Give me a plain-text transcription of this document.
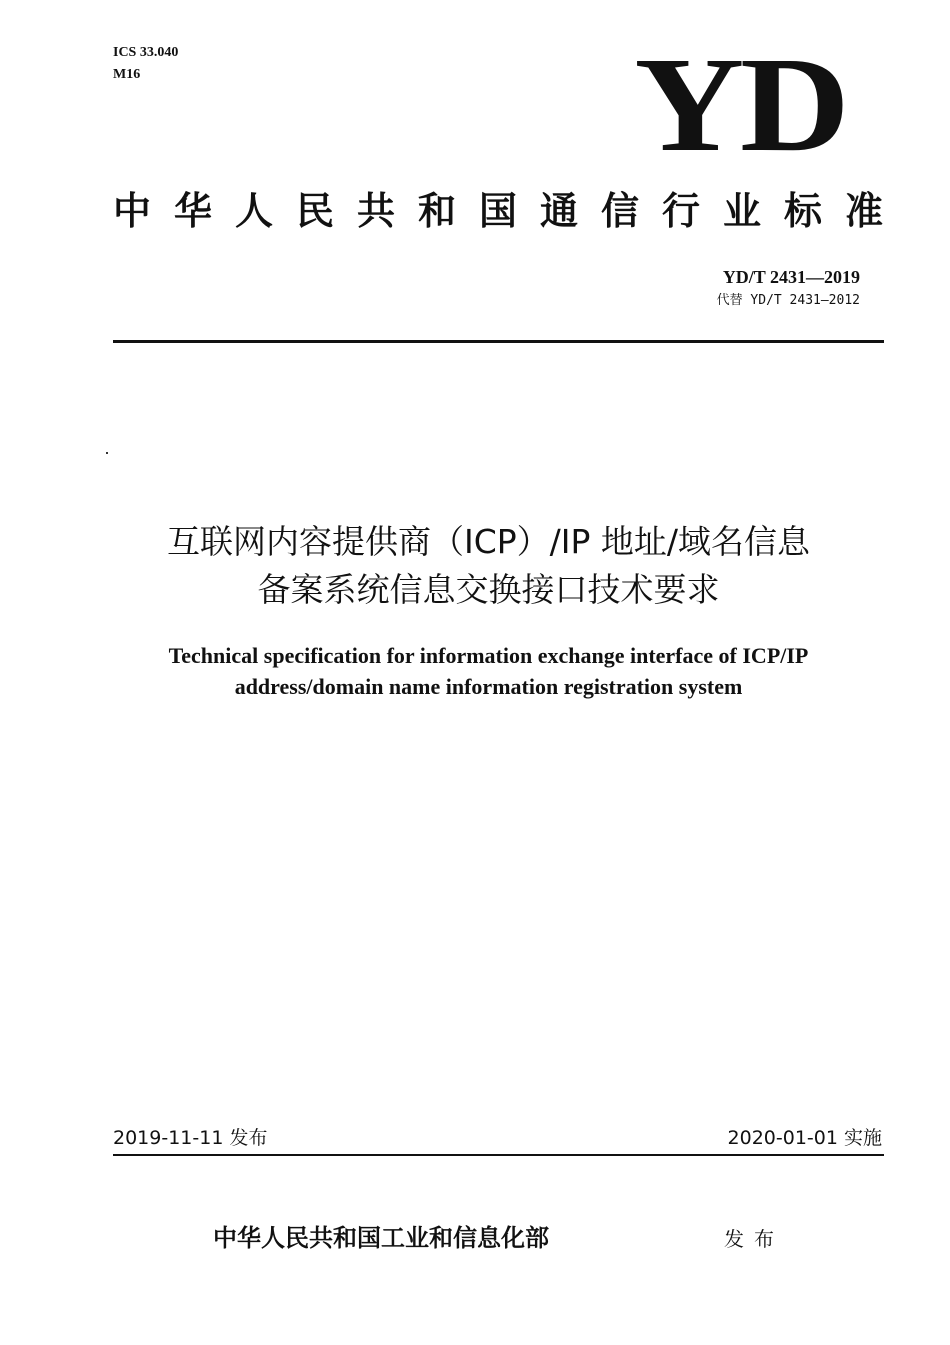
ICS 33.040
M16	YD
中华人民共和国通信行业标准
YD/T 2431—2019
代替 YD/T 2431—2012
互联网内容提供商（ICP）/IP 地址/域名信息
备案系统信息交换接口技术要求
Technical specification for information exchange interface of ICP/IP
address/domain name information registration system
2019-11-11 发布	2020-01-01 实施
中华人民共和国工业和信息化部	发布
